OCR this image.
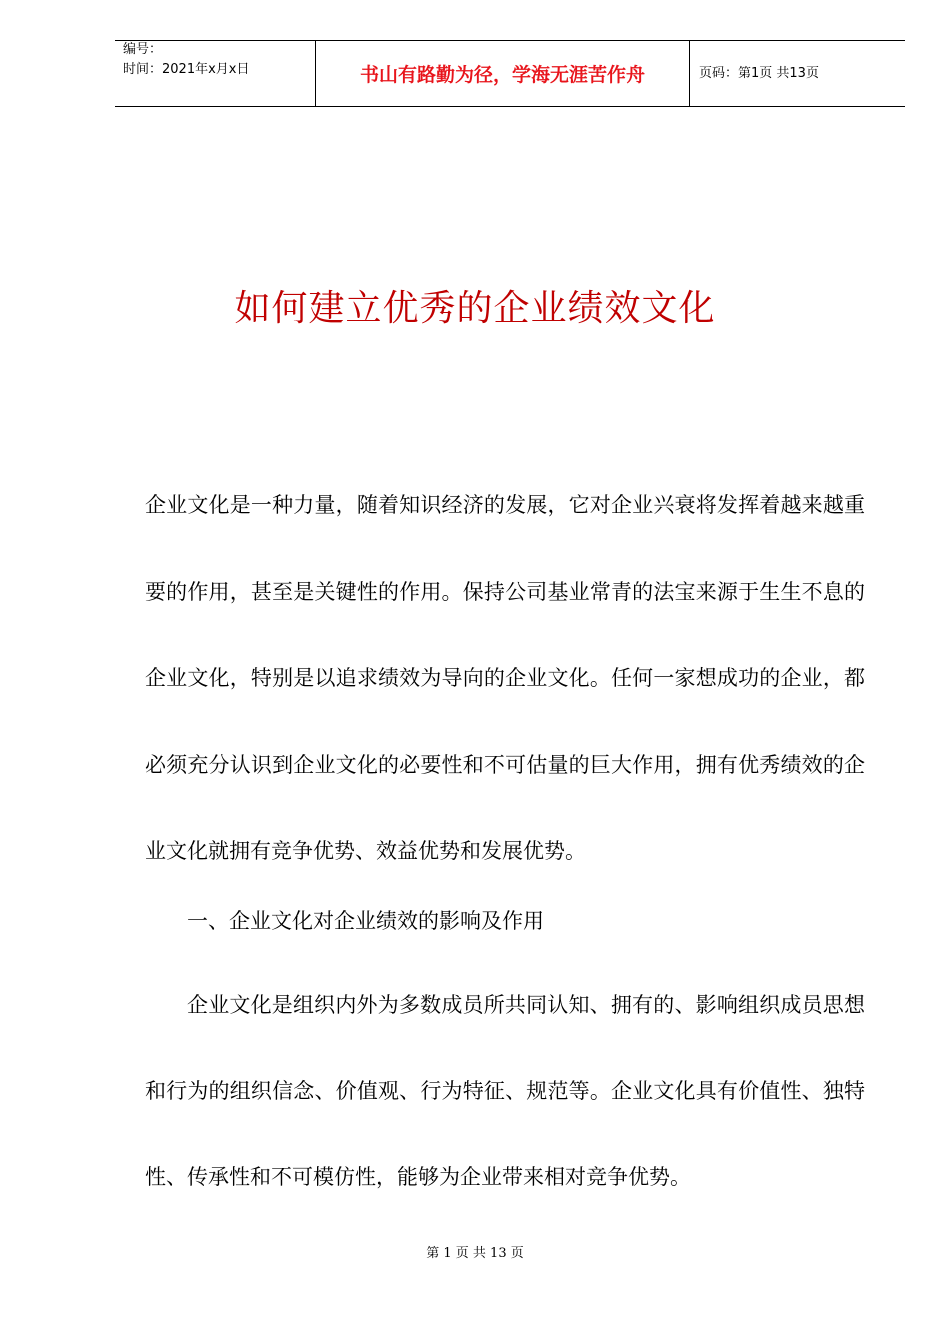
编号：
时间：2021年x月x日	书山有路勤为径，学海无涯苦作舟	页码：第1页 共13页
如何建立优秀的企业绩效文化

企业文化是一种力量，随着知识经济的发展，它对企业兴衰将发挥着越来越重要的作用，甚至是关键性的作用。保持公司基业常青的法宝来源于生生不息的企业文化，特别是以追求绩效为导向的企业文化。任何一家想成功的企业，都必须充分认识到企业文化的必要性和不可估量的巨大作用，拥有优秀绩效的企业文化就拥有竞争优势、效益优势和发展优势。

一、企业文化对企业绩效的影响及作用

企业文化是组织内外为多数成员所共同认知、拥有的、影响组织成员思想和行为的组织信念、价值观、行为特征、规范等。企业文化具有价值性、独特性、传承性和不可模仿性，能够为企业带来相对竞争优势。

第 1 页 共 13 页
